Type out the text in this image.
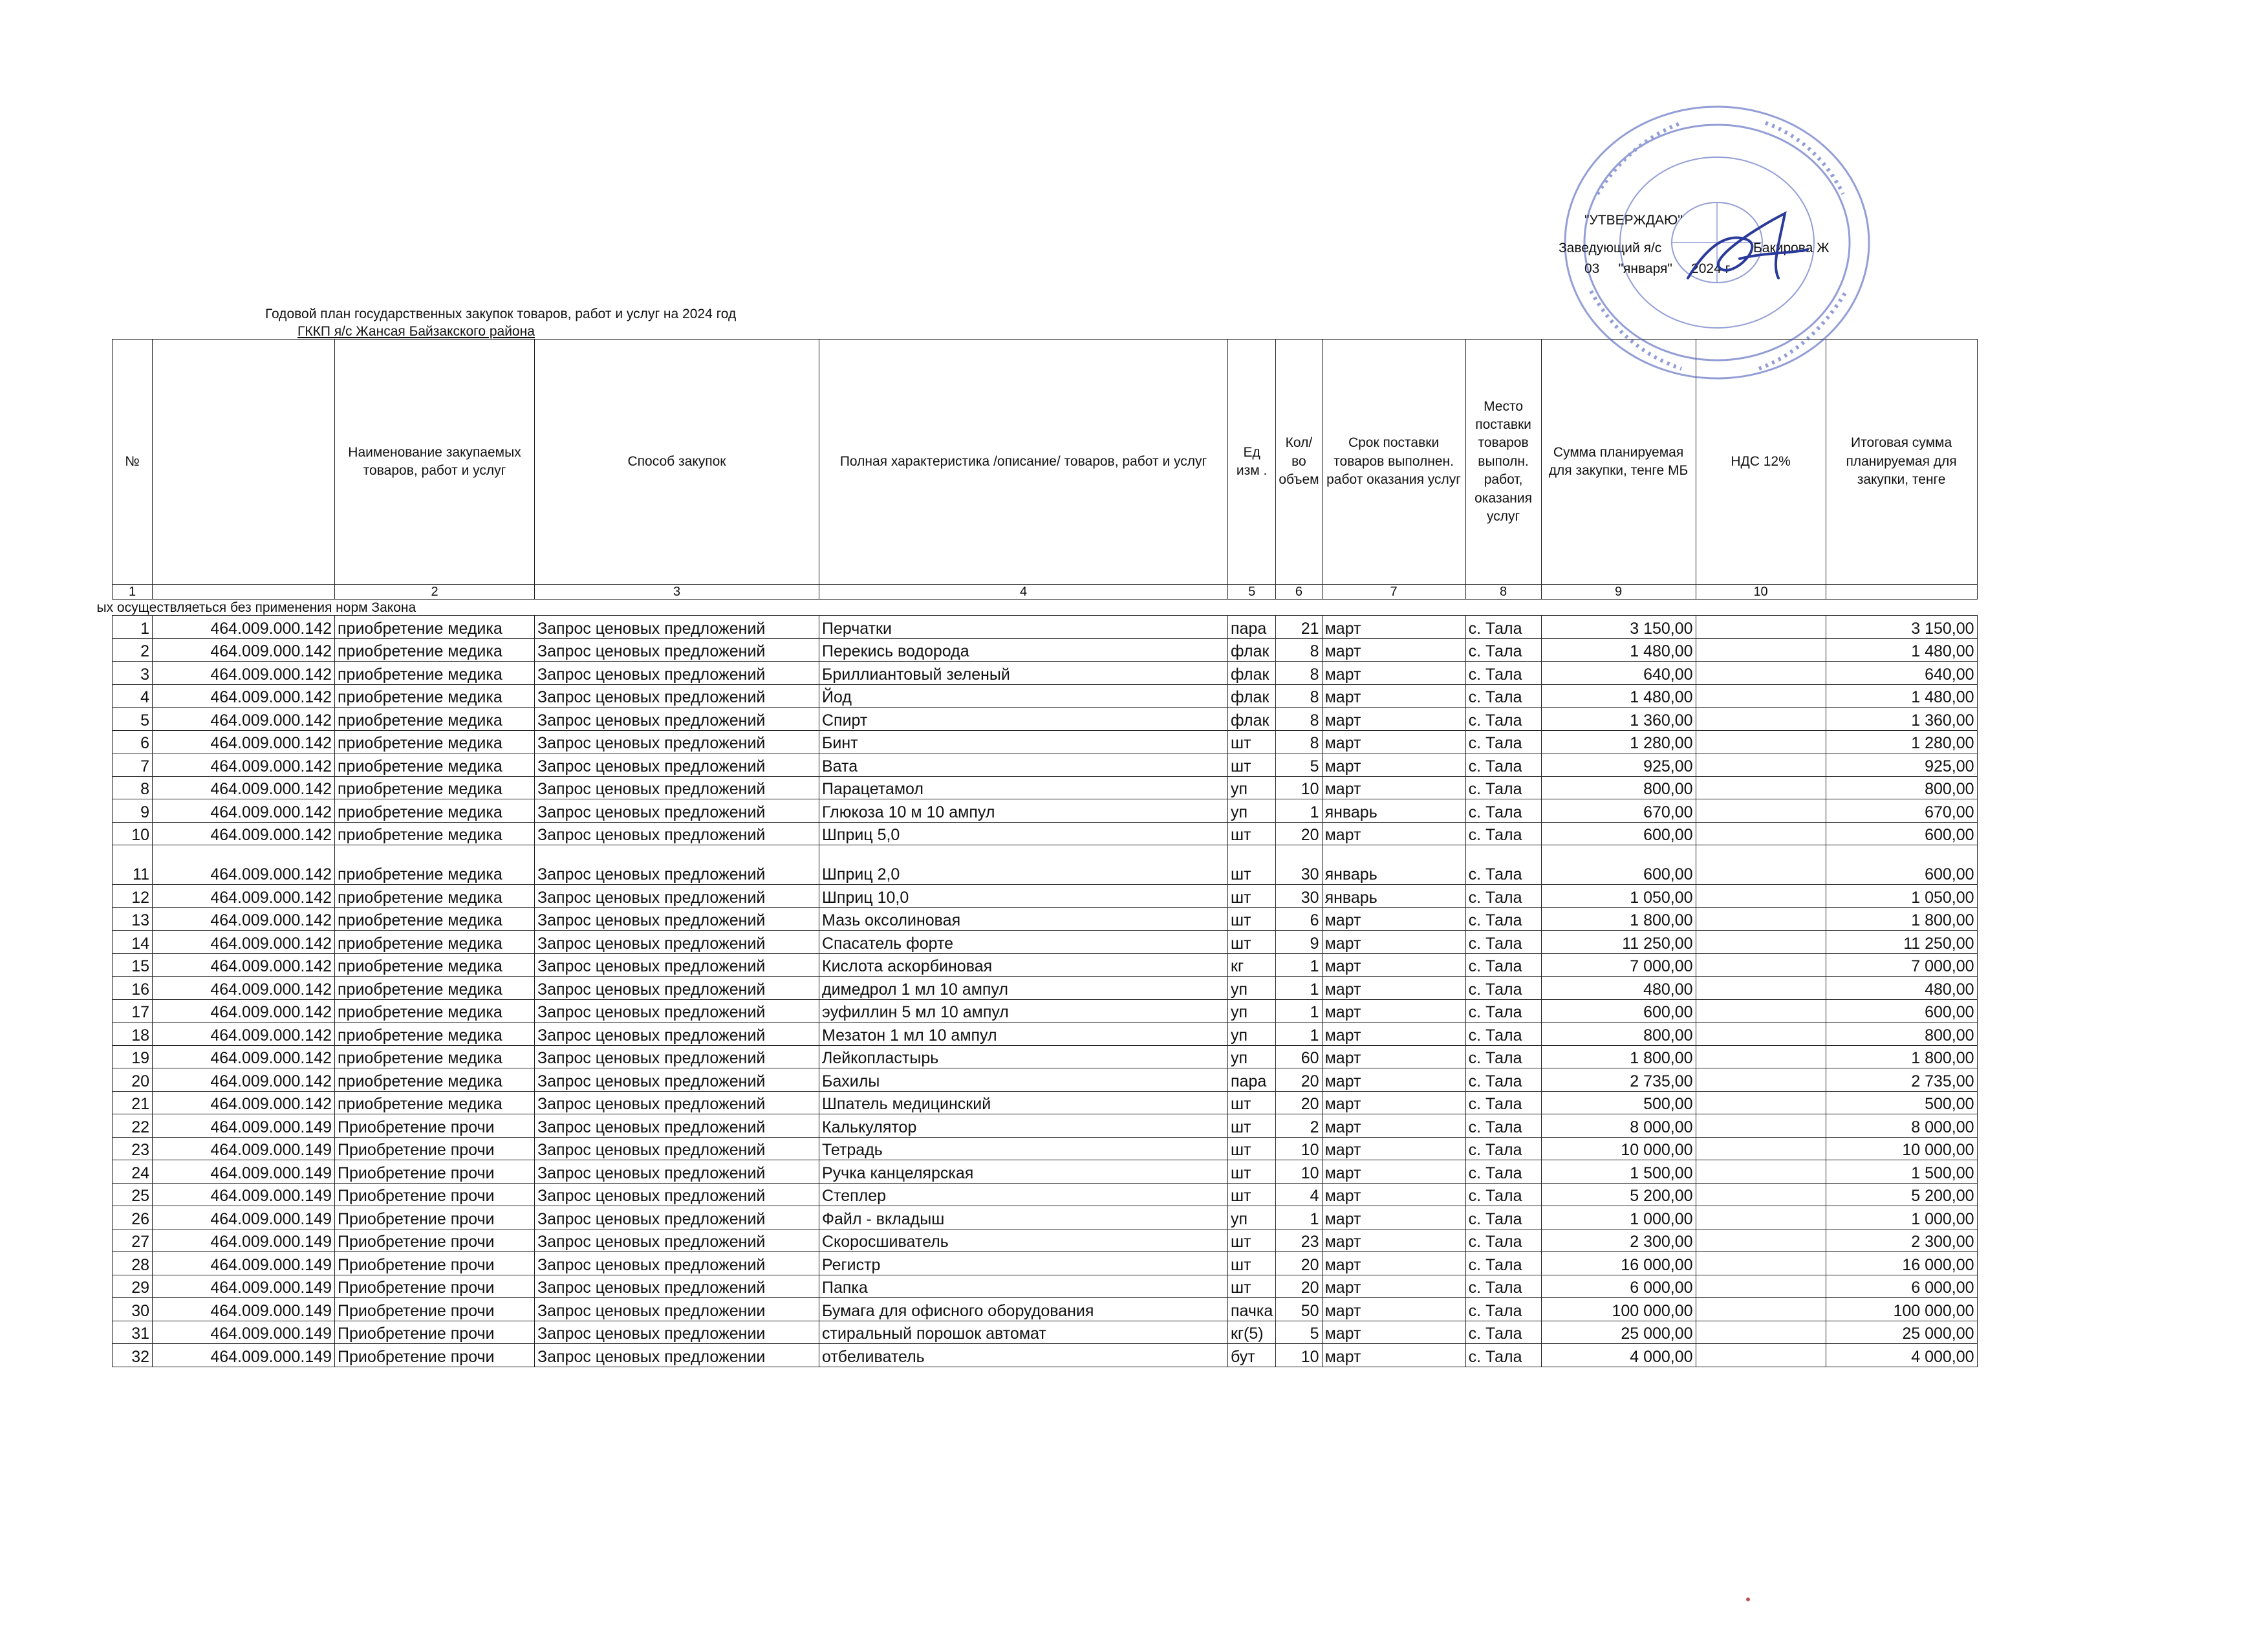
"УТВЕРЖДАЮ"
Заведующий я/с	Бакирова Ж
03 "января" 2024 г
Годовой план государственных закупок товаров, работ и услуг на 2024 год
ГККП я/с Жансая Байзакского района
№		Наименование закупаемых товаров, работ и услуг	Способ закупок	Полная характеристика /описание/ товаров, работ и услуг	Ед изм .	Кол/во объем	Срок поставки товаров выполнен. работ оказания услуг	Место поставки товаров выполн. работ, оказания услуг	Сумма планируемая для закупки, тенге МБ	НДС 12%	Итоговая сумма планируемая для закупки, тенге
1		2	3	4	5	6	7	8	9	10	
ых осуществляеться без применения норм Закона											
1	464.009.000.142	приобретение медика	Запрос ценовых предложений	Перчатки	пара	21	март	с. Тала	3 150,00		3 150,00
2	464.009.000.142	приобретение медика	Запрос ценовых предложений	Перекись водорода	флак	8	март	с. Тала	1 480,00		1 480,00
3	464.009.000.142	приобретение медика	Запрос ценовых предложений	Бриллиантовый зеленый	флак	8	март	с. Тала	640,00		640,00
4	464.009.000.142	приобретение медика	Запрос ценовых предложений	Йод	флак	8	март	с. Тала	1 480,00		1 480,00
5	464.009.000.142	приобретение медика	Запрос ценовых предложений	Спирт	флак	8	март	с. Тала	1 360,00		1 360,00
6	464.009.000.142	приобретение медика	Запрос ценовых предложений	Бинт	шт	8	март	с. Тала	1 280,00		1 280,00
7	464.009.000.142	приобретение медика	Запрос ценовых предложений	Вата	шт	5	март	с. Тала	925,00		925,00
8	464.009.000.142	приобретение медика	Запрос ценовых предложений	Парацетамол	уп	10	март	с. Тала	800,00		800,00
9	464.009.000.142	приобретение медика	Запрос ценовых предложений	Глюкоза 10 м 10 ампул	уп	1	январь	с. Тала	670,00		670,00
10	464.009.000.142	приобретение медика	Запрос ценовых предложений	Шприц 5,0	шт	20	март	с. Тала	600,00		600,00
11	464.009.000.142	приобретение медика	Запрос ценовых предложений	Шприц 2,0	шт	30	январь	с. Тала	600,00		600,00
12	464.009.000.142	приобретение медика	Запрос ценовых предложений	Шприц 10,0	шт	30	январь	с. Тала	1 050,00		1 050,00
13	464.009.000.142	приобретение медика	Запрос ценовых предложений	Мазь оксолиновая	шт	6	март	с. Тала	1 800,00		1 800,00
14	464.009.000.142	приобретение медика	Запрос ценовых предложений	Спасатель форте	шт	9	март	с. Тала	11 250,00		11 250,00
15	464.009.000.142	приобретение медика	Запрос ценовых предложений	Кислота аскорбиновая	кг	1	март	с. Тала	7 000,00		7 000,00
16	464.009.000.142	приобретение медика	Запрос ценовых предложений	димедрол 1 мл 10 ампул	уп	1	март	с. Тала	480,00		480,00
17	464.009.000.142	приобретение медика	Запрос ценовых предложений	эуфиллин 5 мл 10 ампул	уп	1	март	с. Тала	600,00		600,00
18	464.009.000.142	приобретение медика	Запрос ценовых предложений	Мезатон 1 мл 10 ампул	уп	1	март	с. Тала	800,00		800,00
19	464.009.000.142	приобретение медика	Запрос ценовых предложений	Лейкопластырь	уп	60	март	с. Тала	1 800,00		1 800,00
20	464.009.000.142	приобретение медика	Запрос ценовых предложений	Бахилы	пара	20	март	с. Тала	2 735,00		2 735,00
21	464.009.000.142	приобретение медика	Запрос ценовых предложений	Шпатель медицинский	шт	20	март	с. Тала	500,00		500,00
22	464.009.000.149	Приобретение прочи	Запрос ценовых предложений	Калькулятор	шт	2	март	с. Тала	8 000,00		8 000,00
23	464.009.000.149	Приобретение прочи	Запрос ценовых предложений	Тетрадь	шт	10	март	с. Тала	10 000,00		10 000,00
24	464.009.000.149	Приобретение прочи	Запрос ценовых предложений	Ручка канцелярская	шт	10	март	с. Тала	1 500,00		1 500,00
25	464.009.000.149	Приобретение прочи	Запрос ценовых предложений	Степлер	шт	4	март	с. Тала	5 200,00		5 200,00
26	464.009.000.149	Приобретение прочи	Запрос ценовых предложений	Файл - вкладыш	уп	1	март	с. Тала	1 000,00		1 000,00
27	464.009.000.149	Приобретение прочи	Запрос ценовых предложений	Скоросшиватель	шт	23	март	с. Тала	2 300,00		2 300,00
28	464.009.000.149	Приобретение прочи	Запрос ценовых предложений	Регистр	шт	20	март	с. Тала	16 000,00		16 000,00
29	464.009.000.149	Приобретение прочи	Запрос ценовых предложений	Папка	шт	20	март	с. Тала	6 000,00		6 000,00
30	464.009.000.149	Приобретение прочи	Запрос ценовых предложении	Бумага для офисного оборудования	пачка	50	март	с. Тала	100 000,00		100 000,00
31	464.009.000.149	Приобретение прочи	Запрос ценовых предложении	стиральный порошок автомат	кг(5)	5	март	с. Тала	25 000,00		25 000,00
32	464.009.000.149	Приобретение прочи	Запрос ценовых предложении	отбеливатель	бут	10	март	с. Тала	4 000,00		4 000,00
